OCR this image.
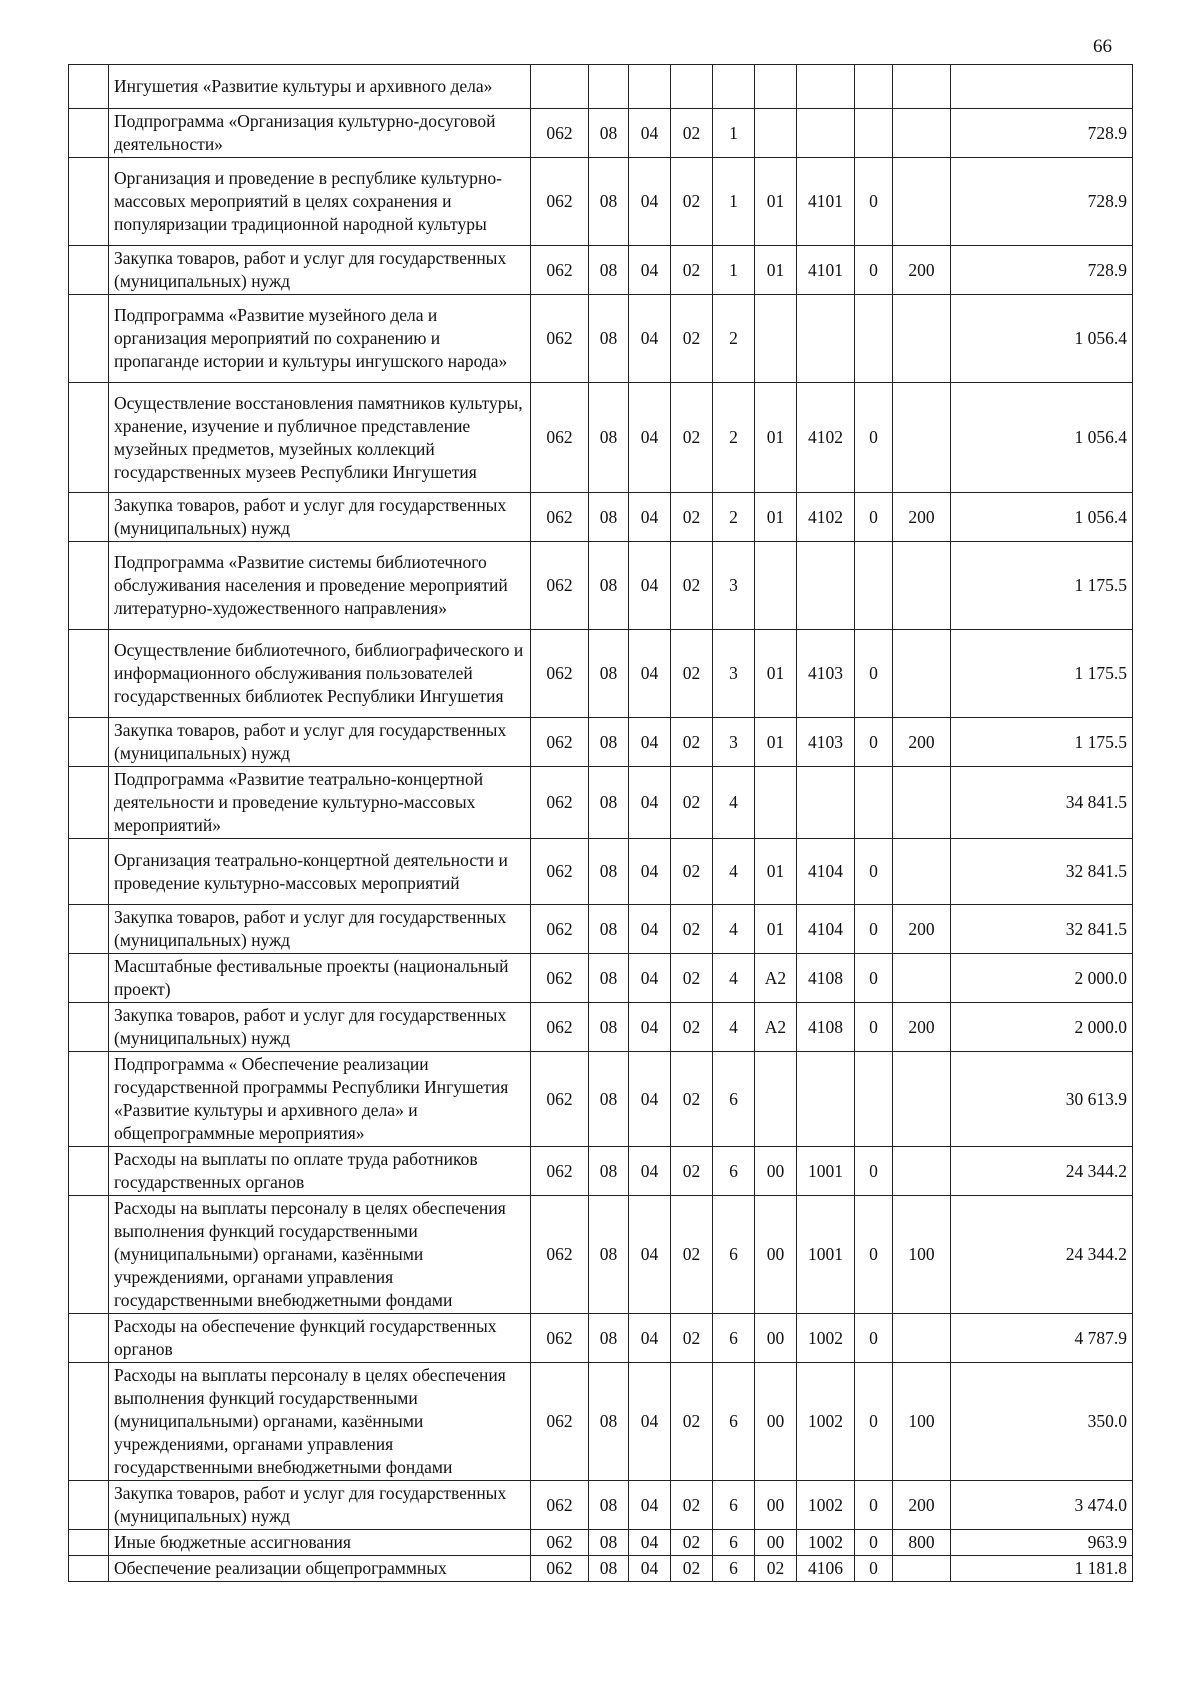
66
	Ингушетия «Развитие культуры и архивного дела»										
	Подпрограмма «Организация культурно-досуговой деятельности»	062	08	04	02	1					728.9
	Организация и проведение в республике культурно-массовых мероприятий в целях сохранения и популяризации традиционной народной культуры	062	08	04	02	1	01	4101	0		728.9
	Закупка товаров, работ и услуг для государственных (муниципальных) нужд	062	08	04	02	1	01	4101	0	200	728.9
	Подпрограмма «Развитие музейного дела и организация мероприятий по сохранению и пропаганде истории и культуры ингушского народа»	062	08	04	02	2					1 056.4
	Осуществление восстановления памятников культуры, хранение, изучение и публичное представление музейных предметов, музейных коллекций государственных музеев Республики Ингушетия	062	08	04	02	2	01	4102	0		1 056.4
	Закупка товаров, работ и услуг для государственных (муниципальных) нужд	062	08	04	02	2	01	4102	0	200	1 056.4
	Подпрограмма «Развитие системы библиотечного обслуживания населения и проведение мероприятий литературно-художественного направления»	062	08	04	02	3					1 175.5
	Осуществление библиотечного, библиографического и информационного обслуживания пользователей государственных библиотек Республики Ингушетия	062	08	04	02	3	01	4103	0		1 175.5
	Закупка товаров, работ и услуг для государственных (муниципальных) нужд	062	08	04	02	3	01	4103	0	200	1 175.5
	Подпрограмма «Развитие театрально-концертной деятельности и проведение культурно-массовых мероприятий»	062	08	04	02	4					34 841.5
	Организация театрально-концертной деятельности и проведение культурно-массовых мероприятий	062	08	04	02	4	01	4104	0		32 841.5
	Закупка товаров, работ и услуг для государственных (муниципальных) нужд	062	08	04	02	4	01	4104	0	200	32 841.5
	Масштабные фестивальные проекты (национальный проект)	062	08	04	02	4	А2	4108	0		2 000.0
	Закупка товаров, работ и услуг для государственных (муниципальных) нужд	062	08	04	02	4	А2	4108	0	200	2 000.0
	Подпрограмма « Обеспечение реализации государственной программы Республики Ингушетия «Развитие культуры и архивного дела» и общепрограммные мероприятия»	062	08	04	02	6					30 613.9
	Расходы на выплаты по оплате труда работников государственных органов	062	08	04	02	6	00	1001	0		24 344.2
	Расходы на выплаты персоналу в целях обеспечения выполнения функций государственными (муниципальными) органами, казёнными учреждениями, органами управления государственными внебюджетными фондами	062	08	04	02	6	00	1001	0	100	24 344.2
	Расходы на обеспечение функций государственных органов	062	08	04	02	6	00	1002	0		4 787.9
	Расходы на выплаты персоналу в целях обеспечения выполнения функций государственными (муниципальными) органами, казёнными учреждениями, органами управления государственными внебюджетными фондами	062	08	04	02	6	00	1002	0	100	350.0
	Закупка товаров, работ и услуг для государственных (муниципальных) нужд	062	08	04	02	6	00	1002	0	200	3 474.0
	Иные бюджетные ассигнования	062	08	04	02	6	00	1002	0	800	963.9
	Обеспечение реализации общепрограммных	062	08	04	02	6	02	4106	0		1 181.8
